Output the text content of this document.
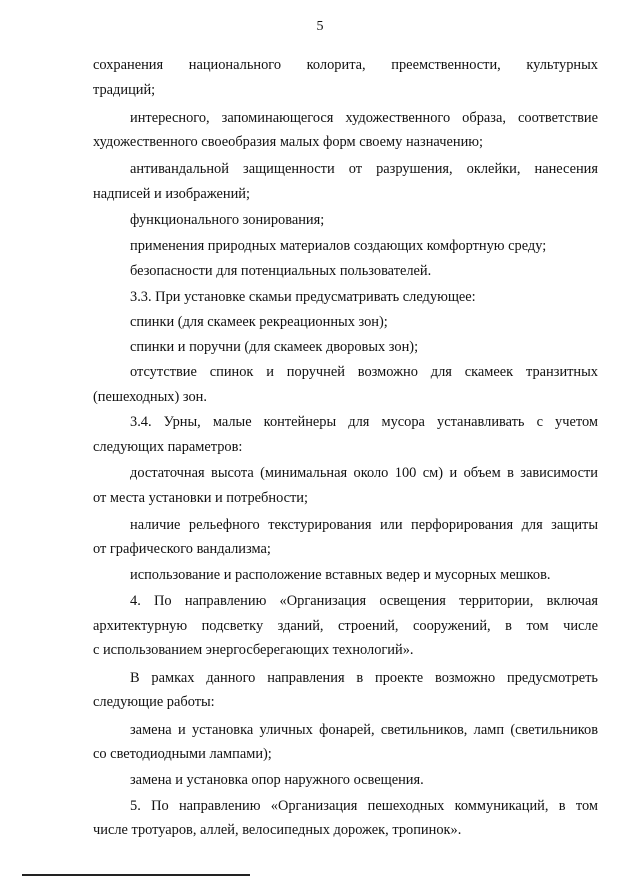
5
сохранения национального колорита, преемственности, культурных
традиций;
интересного, запоминающегося художественного образа, соответствие
художественного своеобразия малых форм своему назначению;
антивандальной защищенности от разрушения, оклейки, нанесения
надписей и изображений;
функционального зонирования;
применения природных материалов создающих комфортную среду;
безопасности для потенциальных пользователей.
3.3. При установке скамьи предусматривать следующее:
спинки (для скамеек рекреационных зон);
спинки и поручни (для скамеек дворовых зон);
отсутствие спинок и поручней возможно для скамеек транзитных
(пешеходных) зон.
3.4. Урны, малые контейнеры для мусора устанавливать с учетом
следующих параметров:
достаточная высота (минимальная около 100 см) и объем в зависимости
от места установки и потребности;
наличие рельефного текстурирования или перфорирования для защиты
от графического вандализма;
использование и расположение вставных ведер и мусорных мешков.
4. По направлению «Организация освещения территории, включая
архитектурную подсветку зданий, строений, сооружений, в том числе
с использованием энергосберегающих технологий».
В рамках данного направления в проекте возможно предусмотреть
следующие работы:
замена и установка уличных фонарей, светильников, ламп (светильников
со светодиодными лампами);
замена и установка опор наружного освещения.
5. По направлению «Организация пешеходных коммуникаций, в том
числе тротуаров, аллей, велосипедных дорожек, тропинок».
